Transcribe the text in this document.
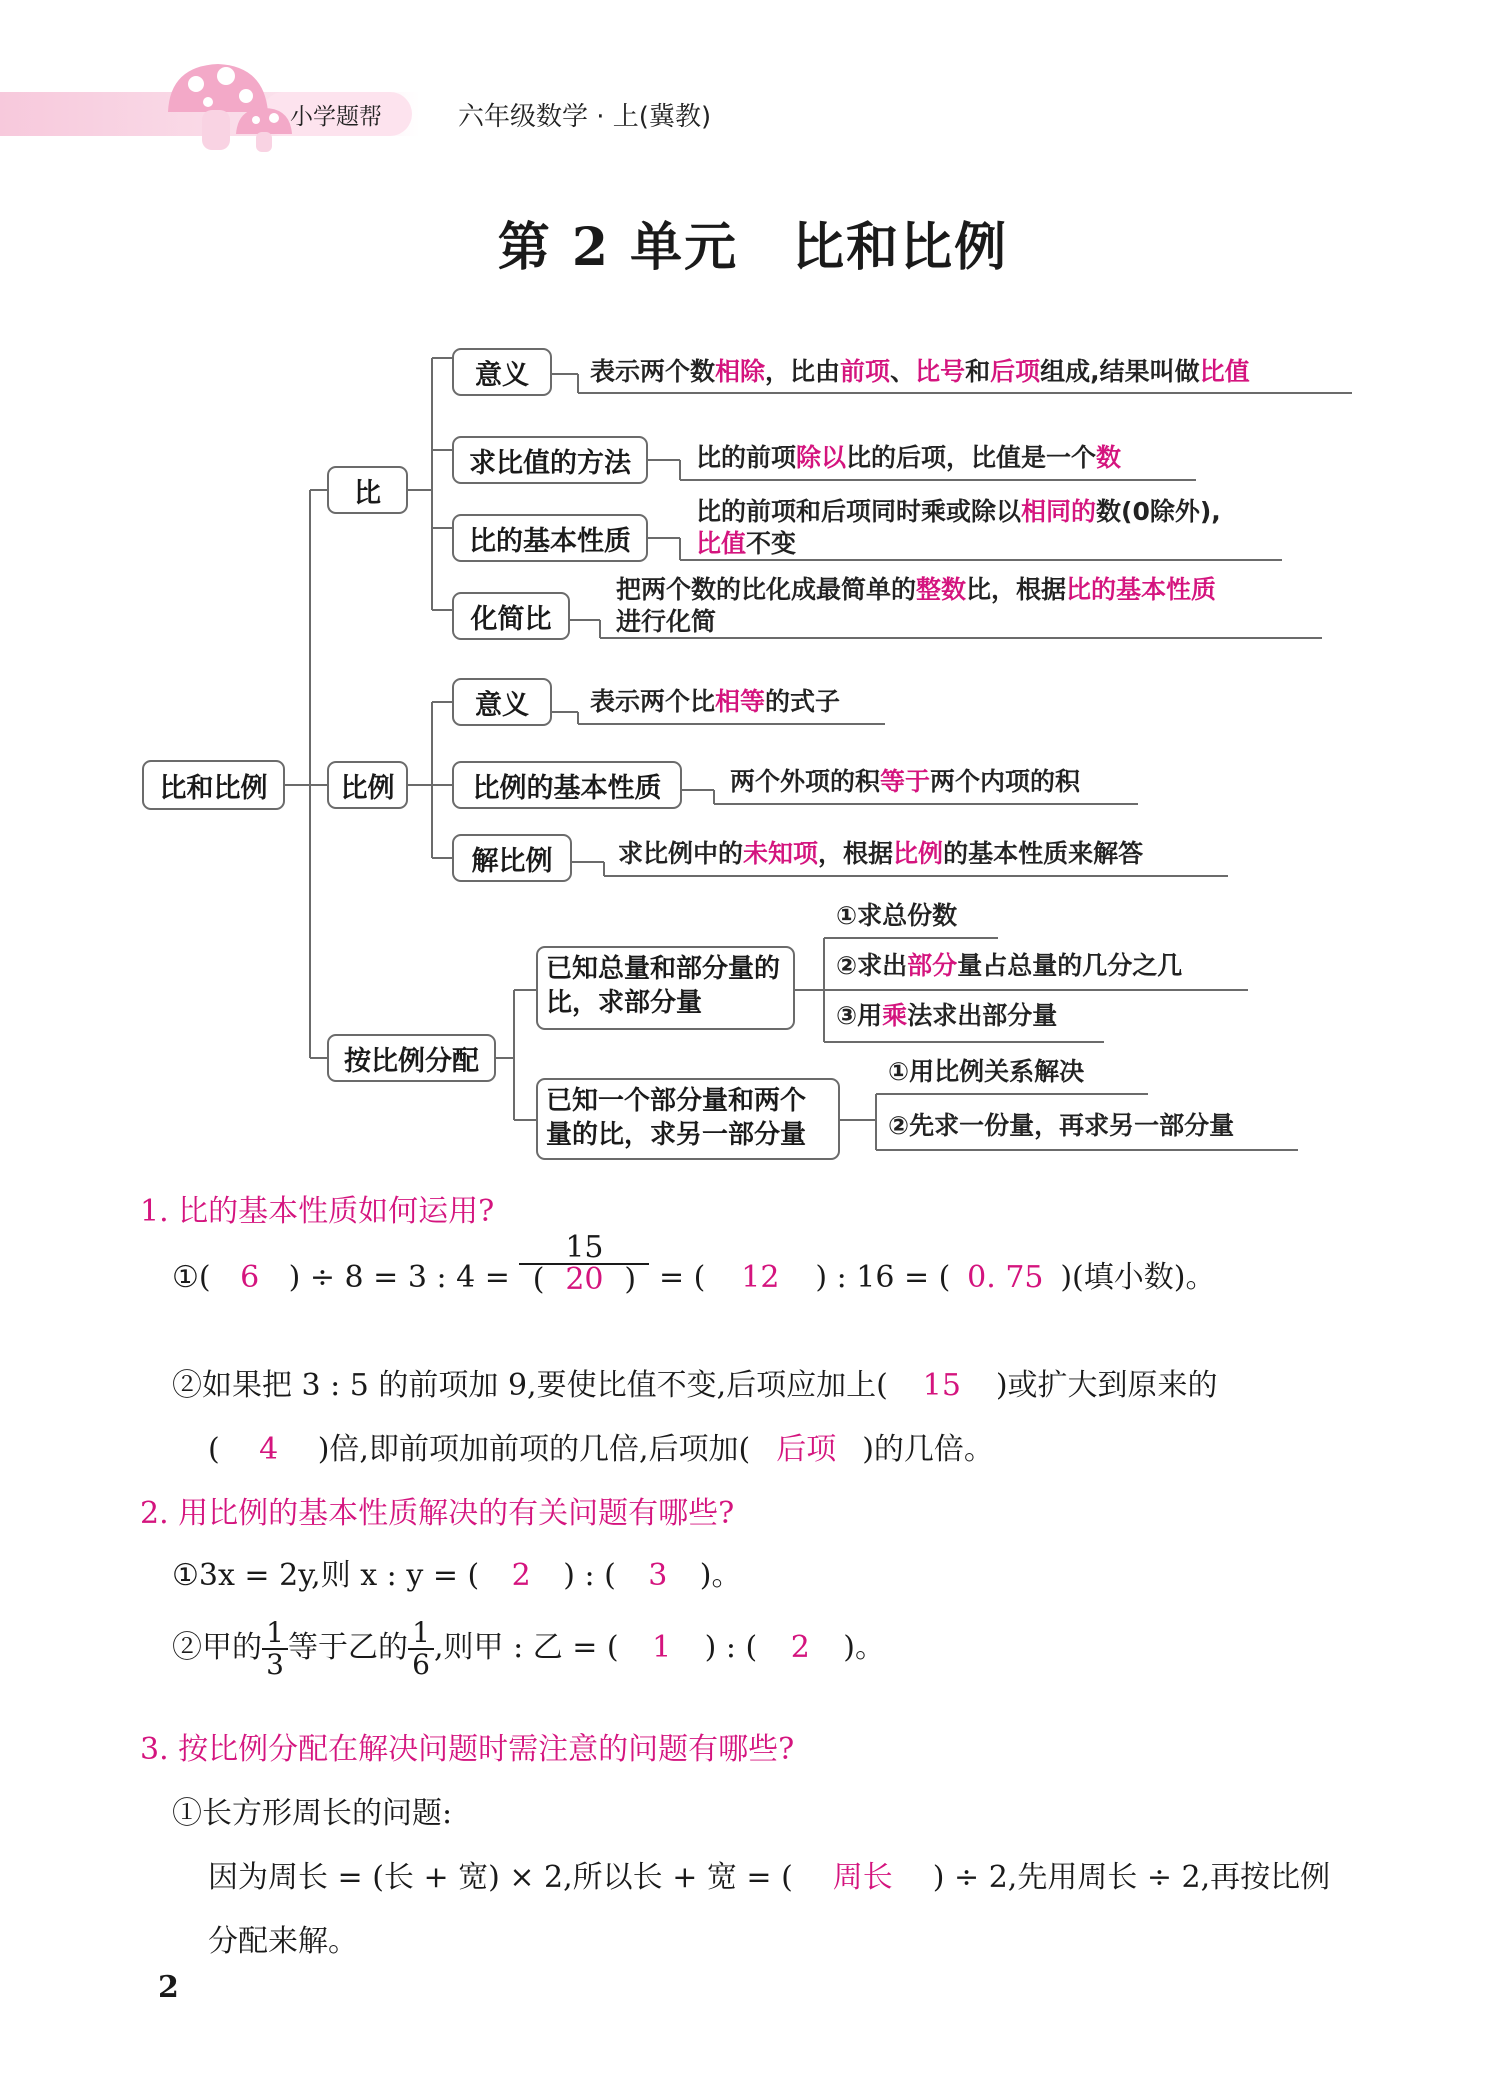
小学题帮	六年级数学 · 上(冀教)
第 2 单元　比和比例
比和比例
比
意义
求比值的方法
比的基本性质
化简比
表示两个数相除，比由前项、比号和后项组成,结果叫做比值
比的前项除以比的后项，比值是一个数
比的前项和后项同时乘或除以相同的数(0除外),
比值不变
把两个数的比化成最简单的整数比，根据比的基本性质
进行化简
比例
意义
比例的基本性质
解比例
表示两个比相等的式子
两个外项的积等于两个内项的积
求比例中的未知项，根据比例的基本性质来解答
按比例分配
已知总量和部分量的比，求部分量
已知一个部分量和两个量的比，求另一部分量
①求总份数
②求出部分量占总量的几分之几
③用乘法求出部分量
①用比例关系解决
②先求一份量，再求另一部分量
1. 比的基本性质如何运用?
①( 6 ) ÷ 8 = 3 : $4 = \frac{15}{( 20 )}$ = ( 12 ) : 16 = ( 0. 75 )(填小数)。
②如果把 3 : 5 的前项加 9,要使比值不变,后项应加上( 15 )或扩大到原来的
( 4 )倍,即前项加前项的几倍,后项加( 后项 )的几倍。
2. 用比例的基本性质解决的有关问题有哪些?
①3x = 2y,则 x : y = ( 2 ) : ( 3 )。
②甲的 $\frac{1}{3}$ 等于乙的 $\frac{1}{6}$ ,则甲 : 乙 = ( 1 ) : ( 2 )。
3. 按比例分配在解决问题时需注意的问题有哪些?
①长方形周长的问题:
因为周长 = (长 + 宽) × 2,所以长 + 宽 = ( 周长 ) ÷ 2,先用周长 ÷ 2,再按比例
分配来解。
2
